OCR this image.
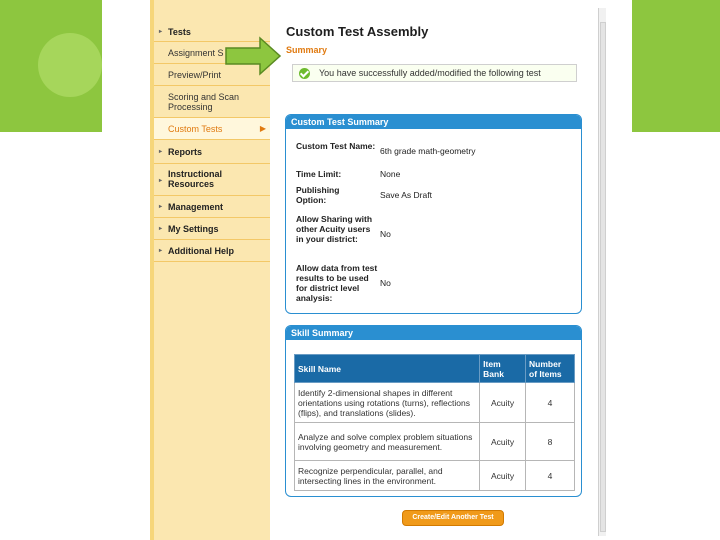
▸ Tests
Assignment S
Preview/Print
Scoring and Scan Processing
Custom Tests	▶
▸ Reports
▸
Instructional Resources
▸ Management
▸ My Settings
▸ Additional Help
Custom Test Assembly
Summary
You have successfully added/modified the following test
Custom Test Summary
Custom Test Name: 6th grade math-geometry
Time Limit:	None
Publishing Option:	Save As Draft
Allow Sharing with other Acuity users in your district:	No
Allow data from test results to be used for district level analysis:
No
Skill Summary
Skill Name	Item Bank	Number of Items
Identify 2-dimensional shapes in different orientations using rotations (turns), reflections (flips), and translations (slides).	Acuity	4
Analyze and solve complex problem situations involving geometry and measurement.	Acuity	8
Recognize perpendicular, parallel, and intersecting lines in the environment.	Acuity	4
Create/Edit Another Test
